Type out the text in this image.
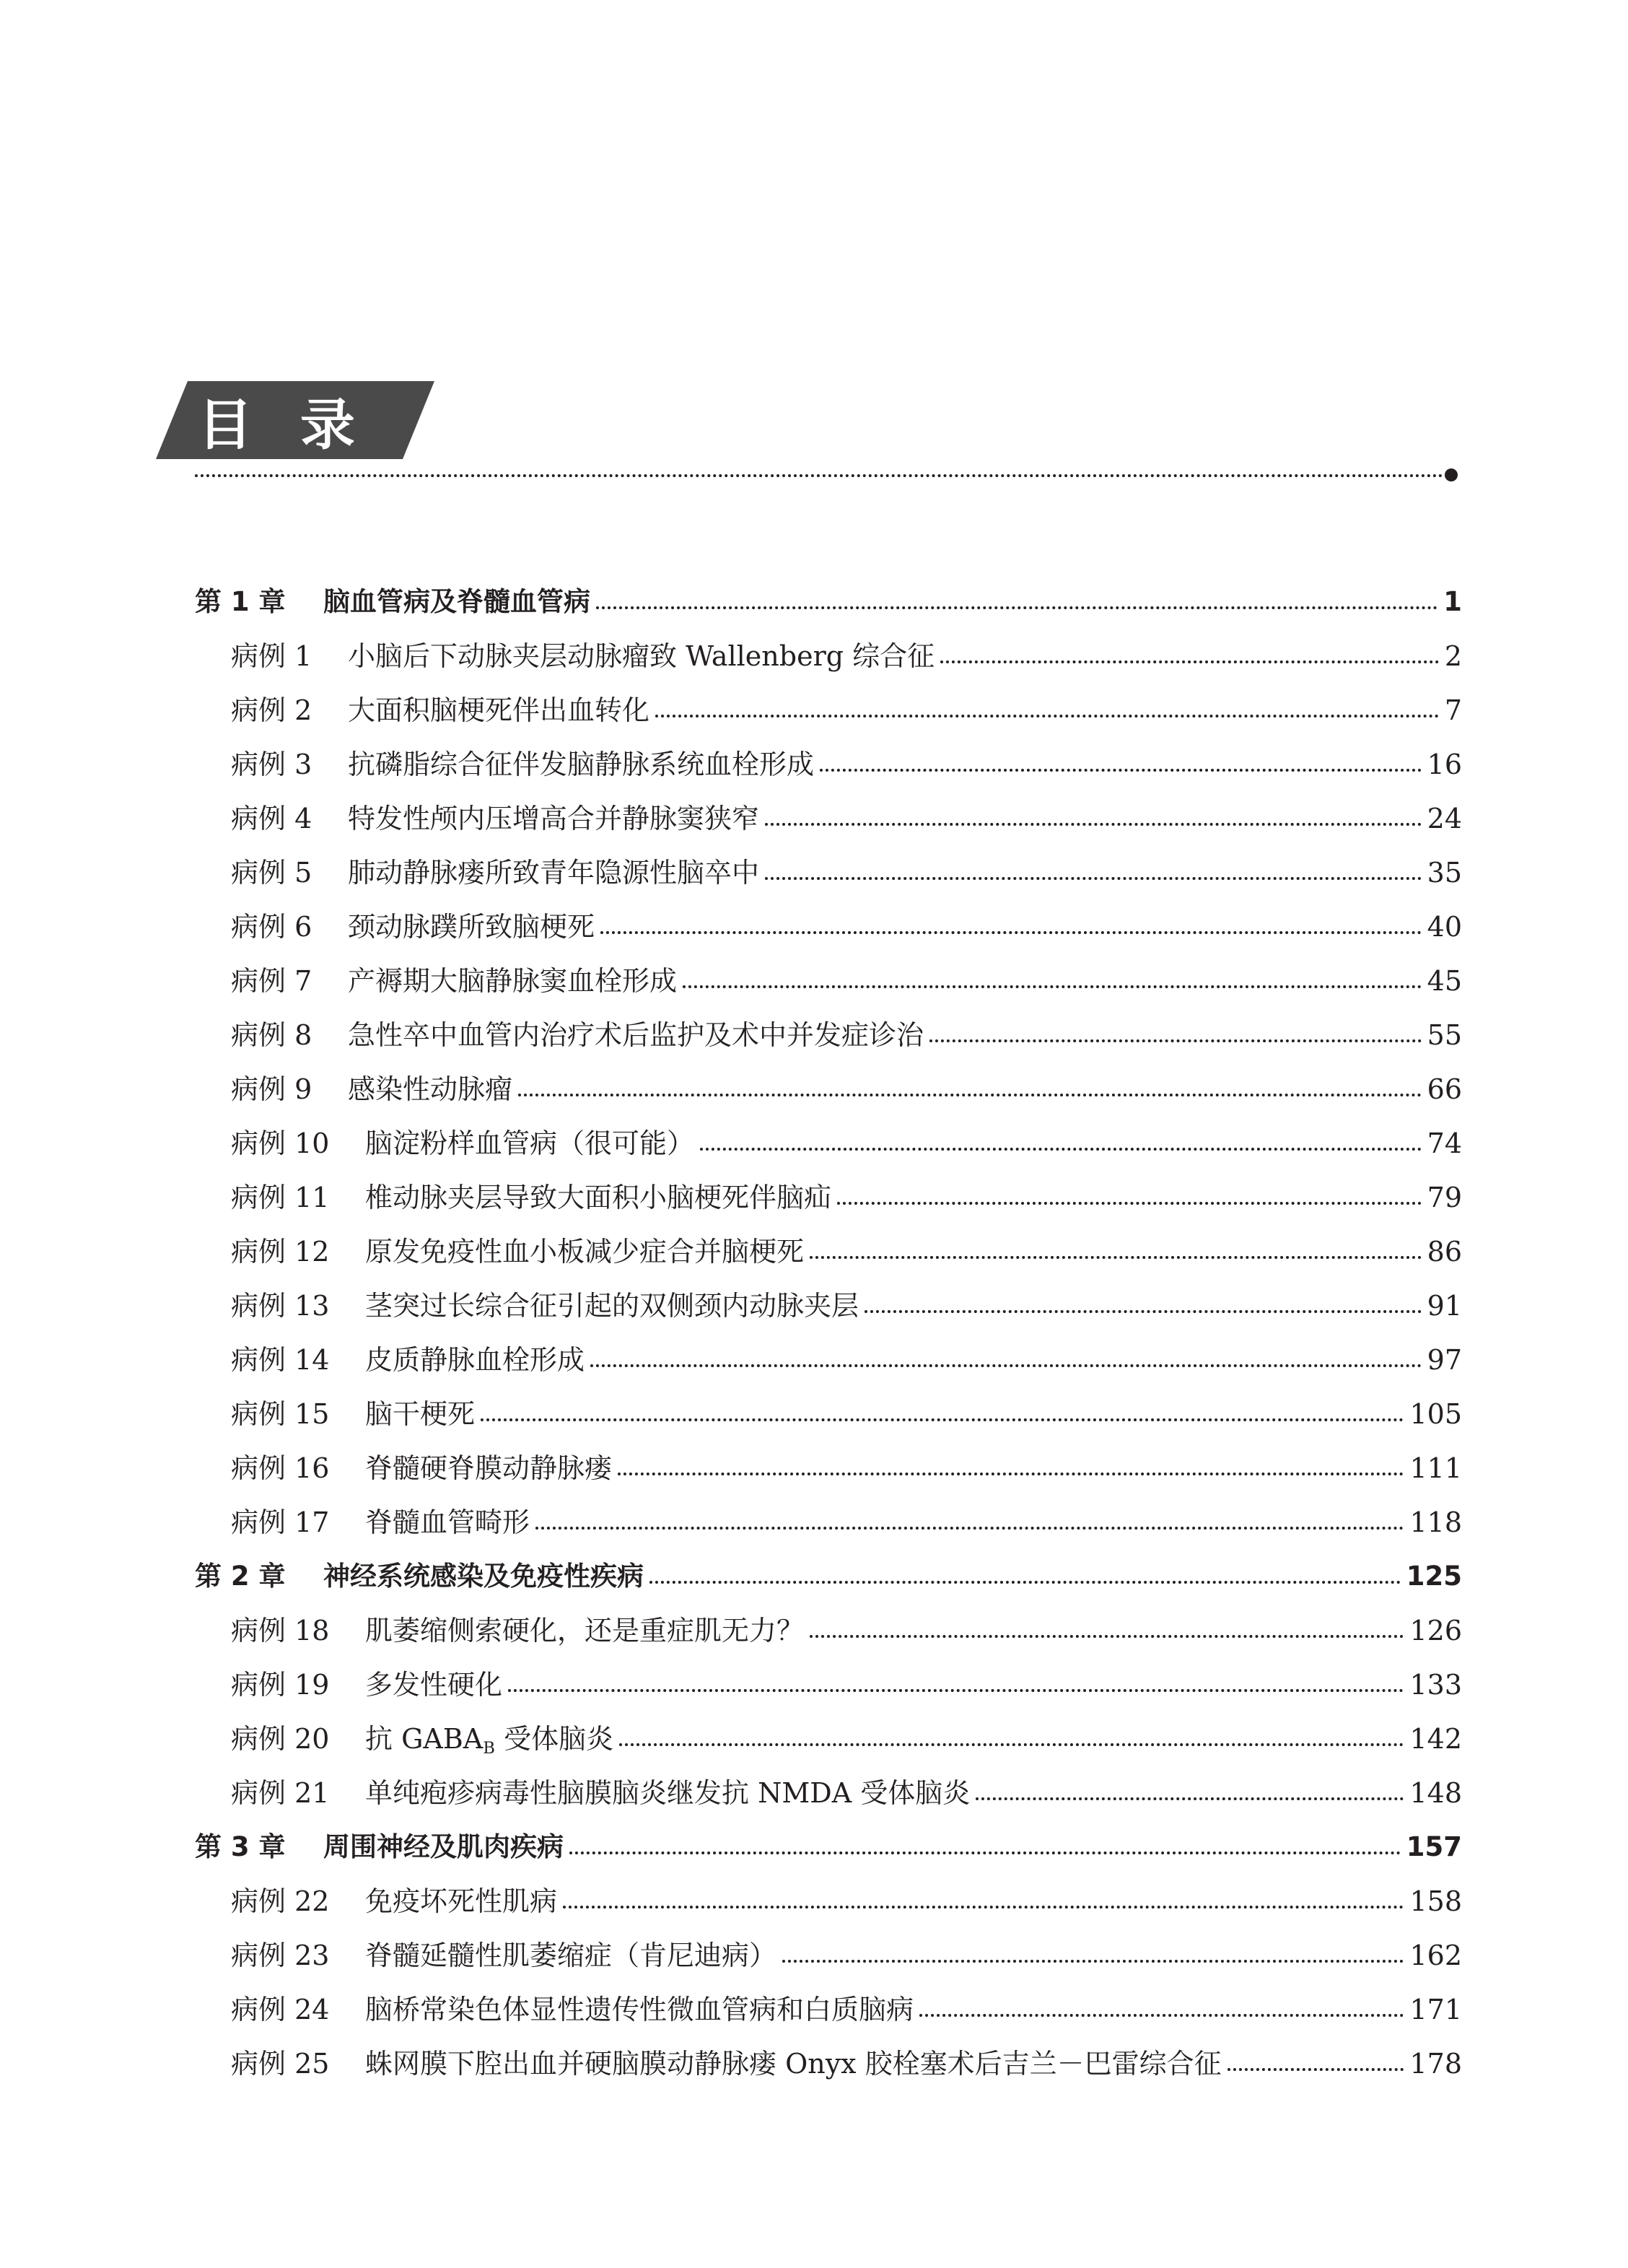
目 录
第 1 章	脑血管病及脊髓血管病	1
病例 1	小脑后下动脉夹层动脉瘤致 Wallenberg 综合征	2
病例 2	大面积脑梗死伴出血转化	7
病例 3	抗磷脂综合征伴发脑静脉系统血栓形成	16
病例 4	特发性颅内压增高合并静脉窦狭窄	24
病例 5	肺动静脉瘘所致青年隐源性脑卒中	35
病例 6	颈动脉蹼所致脑梗死	40
病例 7	产褥期大脑静脉窦血栓形成	45
病例 8	急性卒中血管内治疗术后监护及术中并发症诊治	55
病例 9	感染性动脉瘤	66
病例 10	脑淀粉样血管病（很可能）	74
病例 11	椎动脉夹层导致大面积小脑梗死伴脑疝	79
病例 12	原发免疫性血小板减少症合并脑梗死	86
病例 13	茎突过长综合征引起的双侧颈内动脉夹层	91
病例 14	皮质静脉血栓形成	97
病例 15	脑干梗死	105
病例 16	脊髓硬脊膜动静脉瘘	111
病例 17	脊髓血管畸形	118
第 2 章	神经系统感染及免疫性疾病	125
病例 18	肌萎缩侧索硬化，还是重症肌无力？	126
病例 19	多发性硬化	133
病例 20	抗 $GABA_B$ 受体脑炎	142
病例 21	单纯疱疹病毒性脑膜脑炎继发抗 NMDA 受体脑炎	148
第 3 章	周围神经及肌肉疾病	157
病例 22	免疫坏死性肌病	158
病例 23	脊髓延髓性肌萎缩症（肯尼迪病）	162
病例 24	脑桥常染色体显性遗传性微血管病和白质脑病	171
病例 25	蛛网膜下腔出血并硬脑膜动静脉瘘 Onyx 胶栓塞术后吉兰－巴雷综合征	178
